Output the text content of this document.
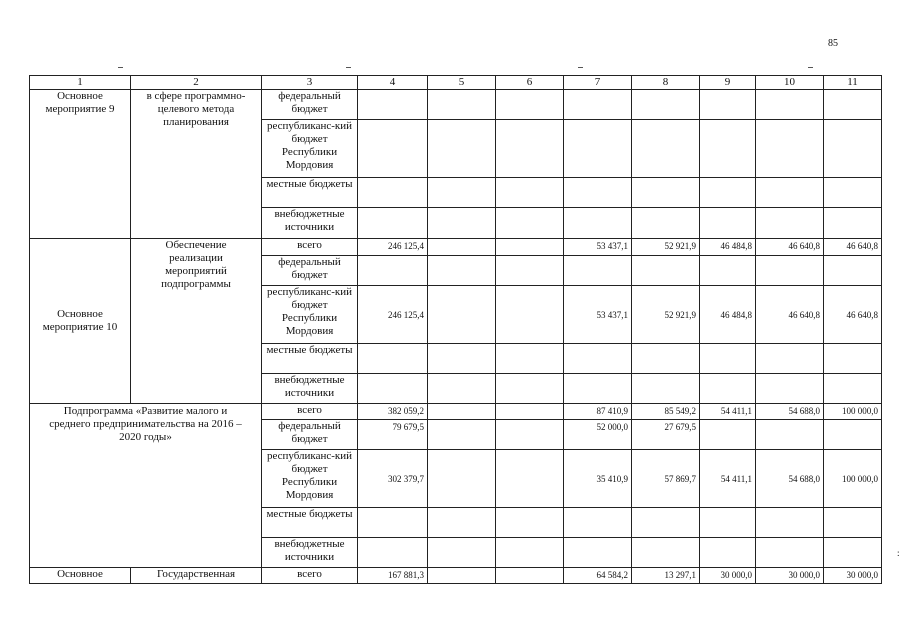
85
1	2	3	4	5	6	7	8	9	10	11
Основное мероприятие 9	в сфере программно-целевого метода планирования	федеральный бюджет								
		республиканс-кий бюджет Республики Мордовия								
		местные бюджеты								
		внебюджетные источники								
Основное мероприятие 10	Обеспечение реализации мероприятий подпрограммы	всего	246 125,4			53 437,1	52 921,9	46 484,8	46 640,8	46 640,8
		федеральный бюджет								
		республиканс-кий бюджет Республики Мордовия	246 125,4			53 437,1	52 921,9	46 484,8	46 640,8	46 640,8
		местные бюджеты								
		внебюджетные источники								
Подпрограмма «Развитие малого и среднего предпринимательства на 2016 – 2020 годы»		всего	382 059,2			87 410,9	85 549,2	54 411,1	54 688,0	100 000,0
		федеральный бюджет	79 679,5			52 000,0	27 679,5			
		республиканс-кий бюджет Республики Мордовия	302 379,7			35 410,9	57 869,7	54 411,1	54 688,0	100 000,0
		местные бюджеты								
		внебюджетные источники								
Основное	Государственная	всего	167 881,3			64 584,2	13 297,1	30 000,0	30 000,0	30 000,0
:
